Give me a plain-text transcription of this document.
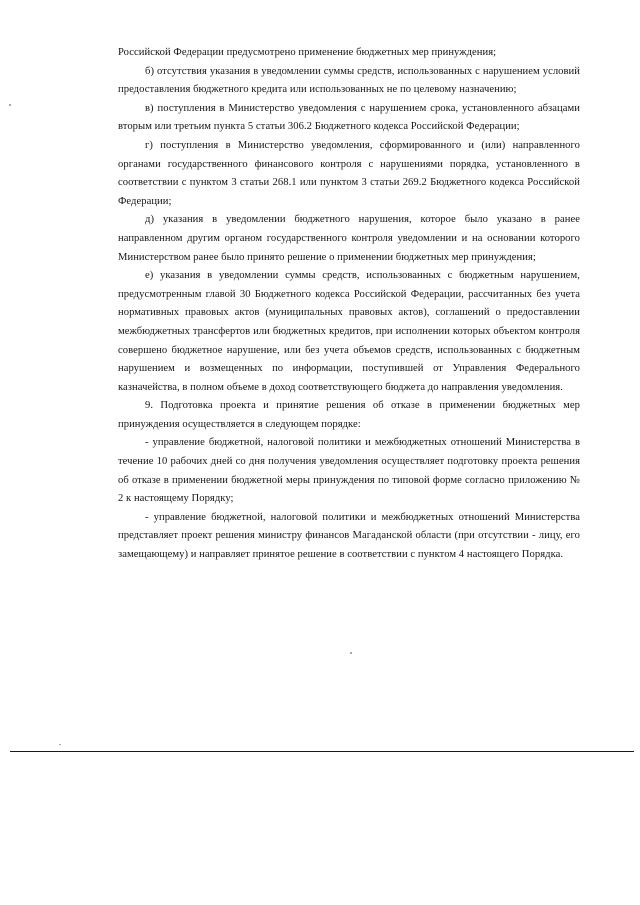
Российской Федерации предусмотрено применение бюджетных мер принуждения;

б) отсутствия указания в уведомлении суммы средств, использованных с нарушением условий предоставления бюджетного кредита или использованных не по целевому назначению;

в) поступления в Министерство уведомления с нарушением срока, установленного абзацами вторым или третьим пункта 5 статьи 306.2 Бюджетного кодекса Российской Федерации;

г) поступления в Министерство уведомления, сформированного и (или) направленного органами государственного финансового контроля с нарушениями порядка, установленного в соответствии с пунктом 3 статьи 268.1 или пунктом 3 статьи 269.2 Бюджетного кодекса Российской Федерации;

д) указания в уведомлении бюджетного нарушения, которое было указано в ранее направленном другим органом государственного контроля уведомлении и на основании которого Министерством ранее было принято решение о применении бюджетных мер принуждения;

е) указания в уведомлении суммы средств, использованных с бюджетным нарушением, предусмотренным главой 30 Бюджетного кодекса Российской Федерации, рассчитанных без учета нормативных правовых актов (муниципальных правовых актов), соглашений о предоставлении межбюджетных трансфертов или бюджетных кредитов, при исполнении которых объектом контроля совершено бюджетное нарушение, или без учета объемов средств, использованных с бюджетным нарушением и возмещенных по информации, поступившей от Управления Федерального казначейства, в полном объеме в доход соответствующего бюджета до направления уведомления.

9. Подготовка проекта и принятие решения об отказе в применении бюджетных мер принуждения осуществляется в следующем порядке:

- управление бюджетной, налоговой политики и межбюджетных отношений Министерства в течение 10 рабочих дней со дня получения уведомления осуществляет подготовку проекта решения об отказе в применении бюджетной меры принуждения по типовой форме согласно приложению № 2 к настоящему Порядку;

- управление бюджетной, налоговой политики и межбюджетных отношений Министерства представляет проект решения министру финансов Магаданской области (при отсутствии - лицу, его замещающему) и направляет принятое решение в соответствии с пунктом 4 настоящего Порядка.
